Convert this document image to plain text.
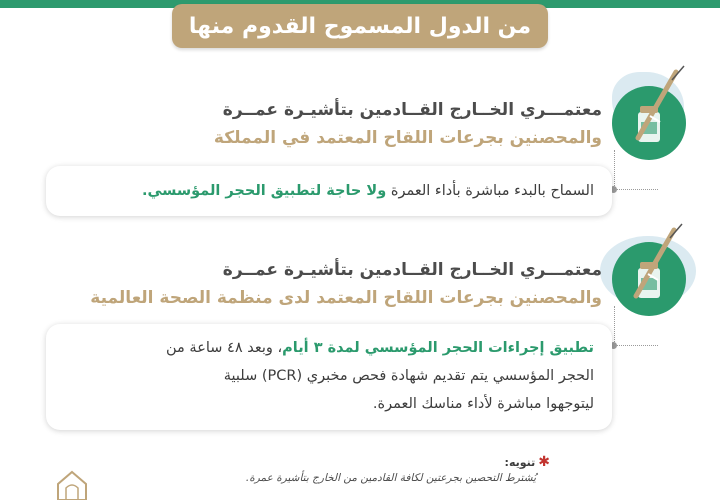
من الدول المسموح القدوم منها
معتمـــري الخــارج القــادمين بتأشيـرة عمــرة
والمحصنين بجرعات اللقاح المعتمد في المملكة
السماح بالبدء مباشرة بأداء العمرة ولا حاجة لتطبيق الحجر المؤسسي.
معتمـــري الخــارج القــادمين بتأشيـرة عمــرة
والمحصنين بجرعات اللقاح المعتمد لدى منظمة الصحة العالمية
تطبيق إجراءات الحجر المؤسسي لمدة ٣ أيام، وبعد ٤٨ ساعة من
الحجر المؤسسي يتم تقديم شهادة فحص مخبري (PCR) سلبية
ليتوجهوا مباشرة لأداء مناسك العمرة.
✱تنويه:
يُشترط التحصين بجرعتين لكافة القادمين من الخارج بتأشيرة عمرة.
